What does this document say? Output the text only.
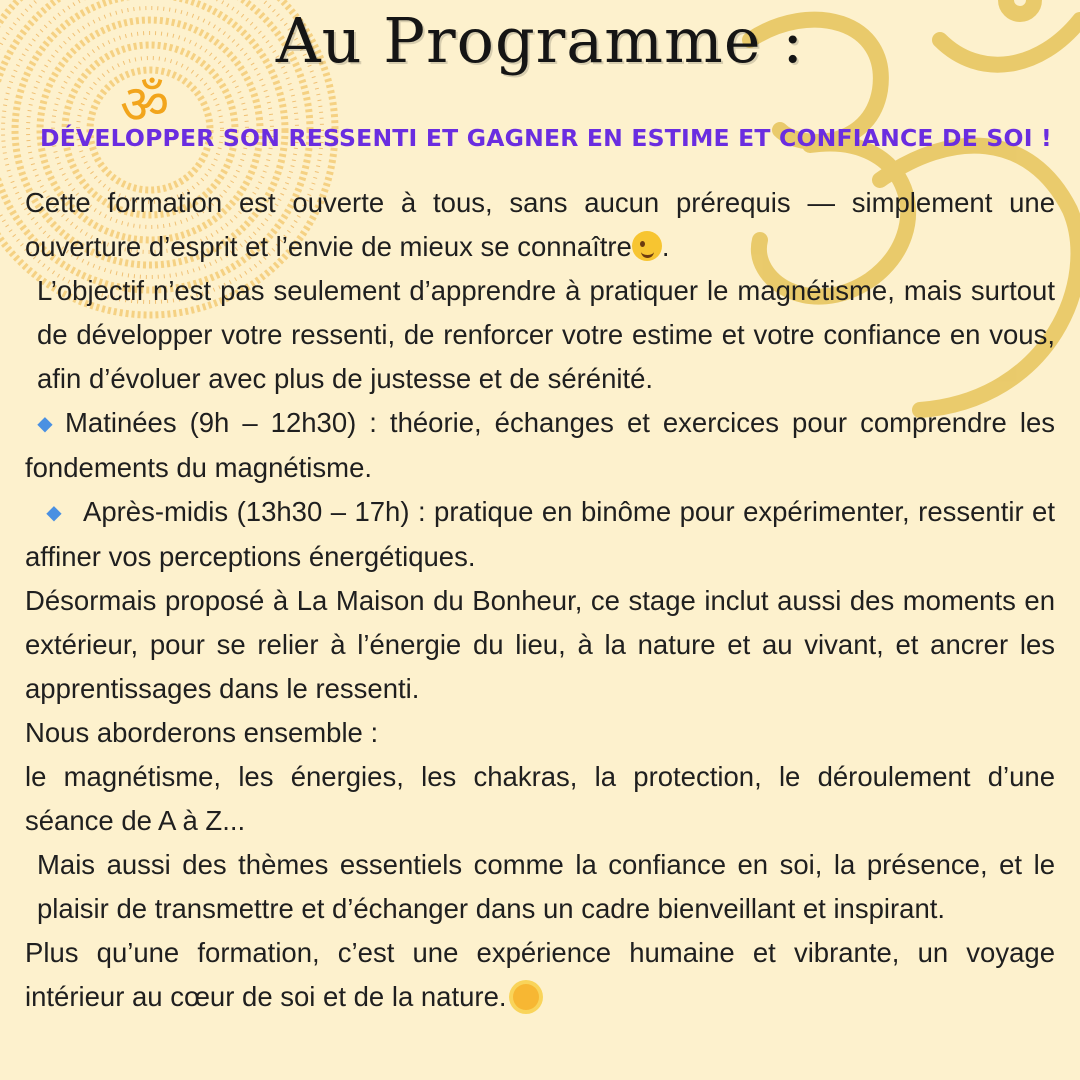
ॐ
Au Programme :
DÉVELOPPER SON RESSENTI ET GAGNER EN ESTIME ET CONFIANCE DE SOI !

Cette formation est ouverte à tous, sans aucun prérequis — simplement une ouverture d’esprit et l’envie de mieux se connaître .

L’objectif n’est pas seulement d’apprendre à pratiquer le magnétisme, mais surtout de développer votre ressenti, de renforcer votre estime et votre confiance en vous, afin d’évoluer avec plus de justesse et de sérénité.

◆ Matinées (9h – 12h30) : théorie, échanges et exercices pour comprendre les fondements du magnétisme.

◆ Après-midis (13h30 – 17h) : pratique en binôme pour expérimenter, ressentir et affiner vos perceptions énergétiques.

Désormais proposé à La Maison du Bonheur, ce stage inclut aussi des moments en extérieur, pour se relier à l’énergie du lieu, à la nature et au vivant, et ancrer les apprentissages dans le ressenti.

Nous aborderons ensemble :

le magnétisme, les énergies, les chakras, la protection, le déroulement d’une séance de A à Z...

Mais aussi des thèmes essentiels comme la confiance en soi, la présence, et le plaisir de transmettre et d’échanger dans un cadre bienveillant et inspirant.

Plus qu’une formation, c’est une expérience humaine et vibrante, un voyage intérieur au cœur de soi et de la nature.
